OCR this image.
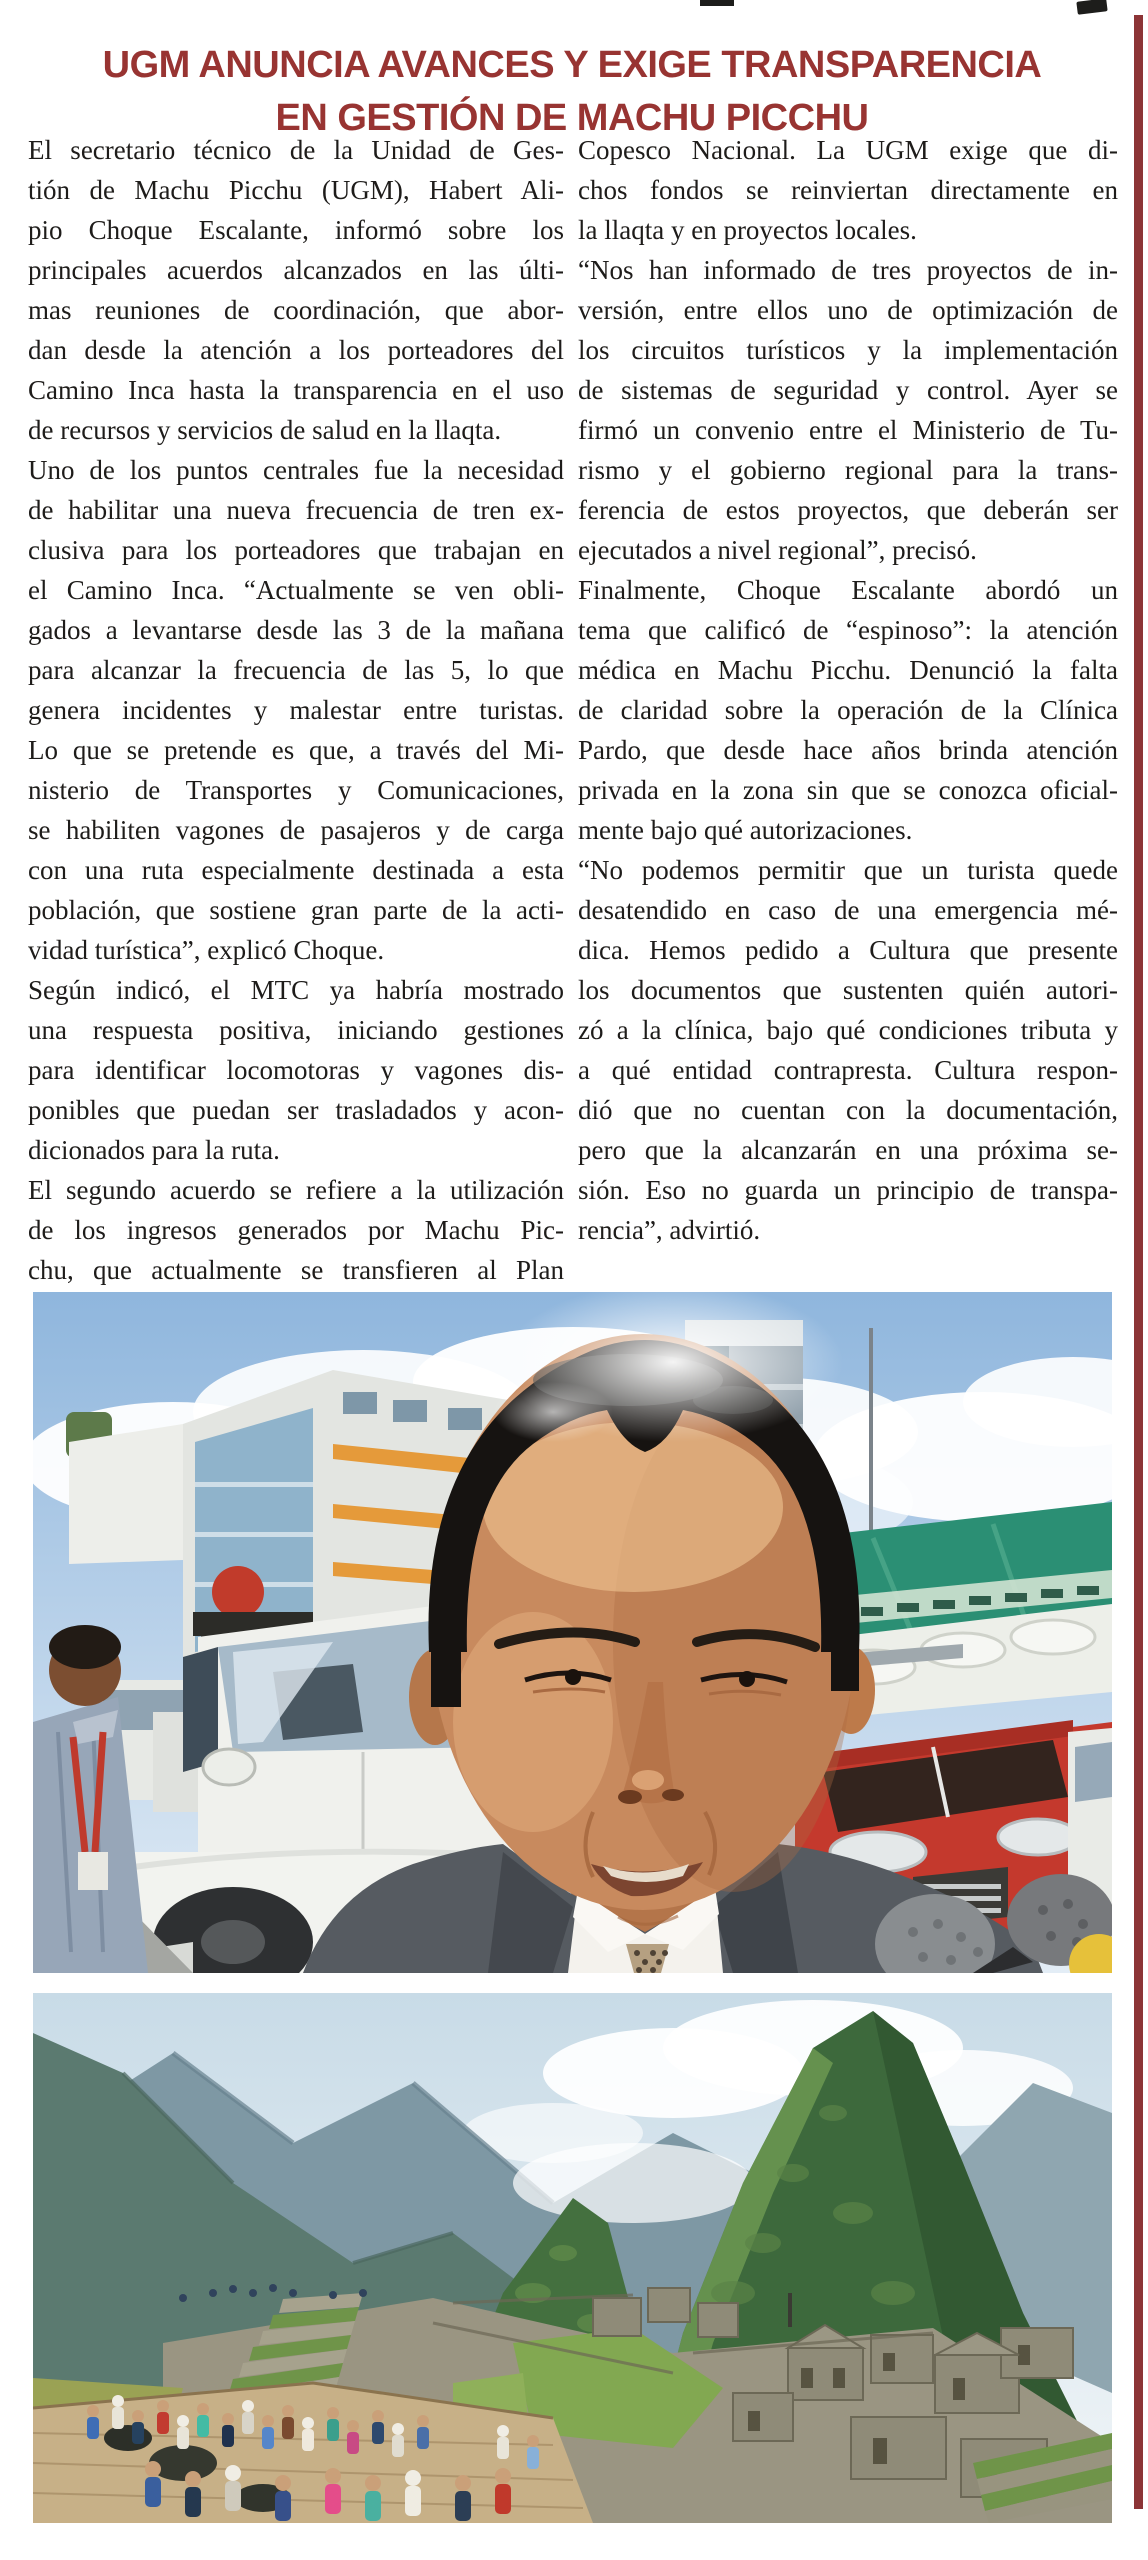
UGM ANUNCIA AVANCES Y EXIGE TRANSPARENCIA
EN GESTIÓN DE MACHU PICCHU
El secretario técnico de la Unidad de Ges-
tión de Machu Picchu (UGM), Habert Ali-
pio Choque Escalante, informó sobre los
principales acuerdos alcanzados en las últi-
mas reuniones de coordinación, que abor-
dan desde la atención a los porteadores del
Camino Inca hasta la transparencia en el uso
de recursos y servicios de salud en la llaqta.
Uno de los puntos centrales fue la necesidad
de habilitar una nueva frecuencia de tren ex-
clusiva para los porteadores que trabajan en
el Camino Inca. “Actualmente se ven obli-
gados a levantarse desde las 3 de la mañana
para alcanzar la frecuencia de las 5, lo que
genera incidentes y malestar entre turistas.
Lo que se pretende es que, a través del Mi-
nisterio de Transportes y Comunicaciones,
se habiliten vagones de pasajeros y de carga
con una ruta especialmente destinada a esta
población, que sostiene gran parte de la acti-
vidad turística”, explicó Choque.
Según indicó, el MTC ya habría mostrado
una respuesta positiva, iniciando gestiones
para identificar locomotoras y vagones dis-
ponibles que puedan ser trasladados y acon-
dicionados para la ruta.
El segundo acuerdo se refiere a la utilización
de los ingresos generados por Machu Pic-
chu, que actualmente se transfieren al Plan
Copesco Nacional. La UGM exige que di-
chos fondos se reinviertan directamente en
la llaqta y en proyectos locales.
“Nos han informado de tres proyectos de in-
versión, entre ellos uno de optimización de
los circuitos turísticos y la implementación
de sistemas de seguridad y control. Ayer se
firmó un convenio entre el Ministerio de Tu-
rismo y el gobierno regional para la trans-
ferencia de estos proyectos, que deberán ser
ejecutados a nivel regional”, precisó.
Finalmente, Choque Escalante abordó un
tema que calificó de “espinoso”: la atención
médica en Machu Picchu. Denunció la falta
de claridad sobre la operación de la Clínica
Pardo, que desde hace años brinda atención
privada en la zona sin que se conozca oficial-
mente bajo qué autorizaciones.
“No podemos permitir que un turista quede
desatendido en caso de una emergencia mé-
dica. Hemos pedido a Cultura que presente
los documentos que sustenten quién autori-
zó a la clínica, bajo qué condiciones tributa y
a qué entidad contrapresta. Cultura respon-
dió que no cuentan con la documentación,
pero que la alcanzarán en una próxima se-
sión. Eso no guarda un principio de transpa-
rencia”, advirtió.
